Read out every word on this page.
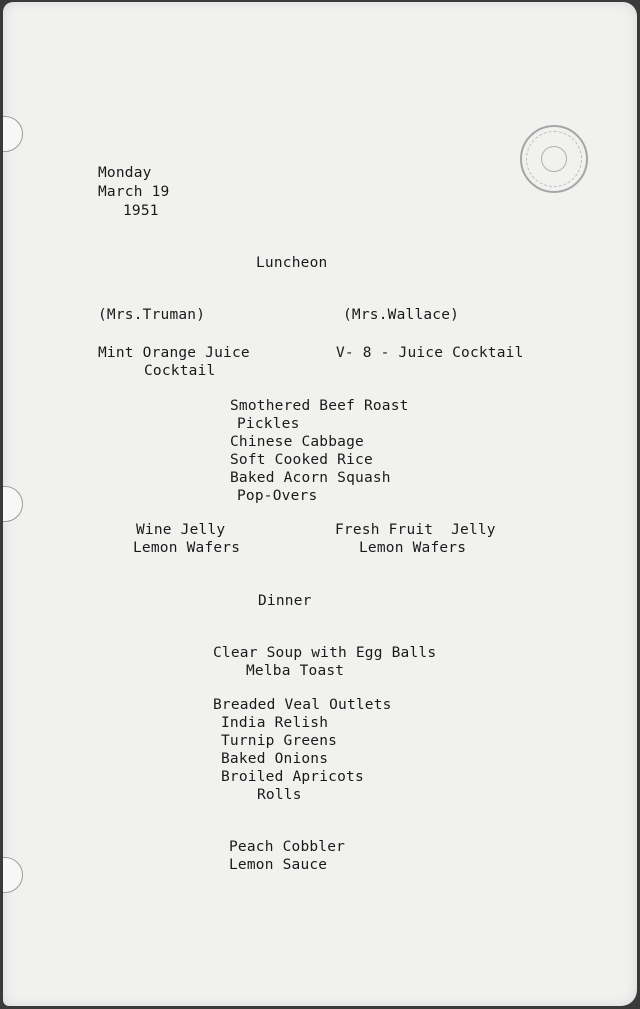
Monday
March 19
1951
Luncheon
(Mrs.Truman)	(Mrs.Wallace)
Mint Orange Juice
Cocktail
V- 8 - Juice Cocktail
Smothered Beef Roast
Pickles
Chinese Cabbage
Soft Cooked Rice
Baked Acorn Squash
Pop-Overs
Wine Jelly
Lemon Wafers
Fresh Fruit  Jelly
Lemon Wafers
Dinner
Clear Soup with Egg Balls
Melba Toast
Breaded Veal Outlets
India Relish
Turnip Greens
Baked Onions
Broiled Apricots
Rolls
Peach Cobbler
Lemon Sauce
